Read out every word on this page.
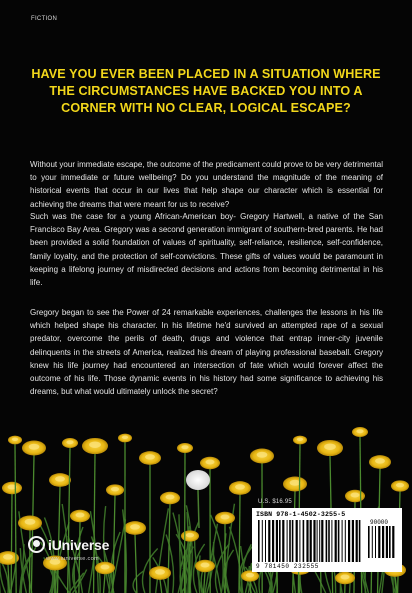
FICTION
HAVE YOU EVER BEEN PLACED IN A SITUATION WHERE THE CIRCUMSTANCES HAVE BACKED YOU INTO A CORNER WITH NO CLEAR, LOGICAL ESCAPE?

Without your immediate escape, the outcome of the predicament could prove to be very detrimental to your immediate or future wellbeing? Do you understand the magnitude of the meaning of historical events that occur in our lives that help shape our character which is essential for achieving the dreams that were meant for us to receive?

Such was the case for a young African-American boy- Gregory Hartwell, a native of the San Francisco Bay Area. Gregory was a second generation immigrant of southern-bred parents. He had been provided a solid foundation of values of spirituality, self-reliance, resilience, self-confidence, family loyalty, and the protection of self-convictions. These gifts of values would be paramount in keeping a lifelong journey of misdirected decisions and actions from becoming detrimental in his life.

Gregory began to see the Power of 24 remarkable experiences, challenges the lessons in his life which helped shape his character. In his lifetime he'd survived an attempted rape of a sexual predator, overcome the perils of death, drugs and violence that entrap inner-city juvenile delinquents in the streets of America, realized his dream of playing professional baseball. Gregory knew his life journey had encountered an intersection of fate which would forever affect the outcome of his life. Those dynamic events in his history had some significance to achieving his dreams, but what would ultimately unlock the secret?

U.S. $16.95
ISBN 978-1-4502-3255-5
90000
9 781450 232555
iUniverse
www.iuniverse.com
